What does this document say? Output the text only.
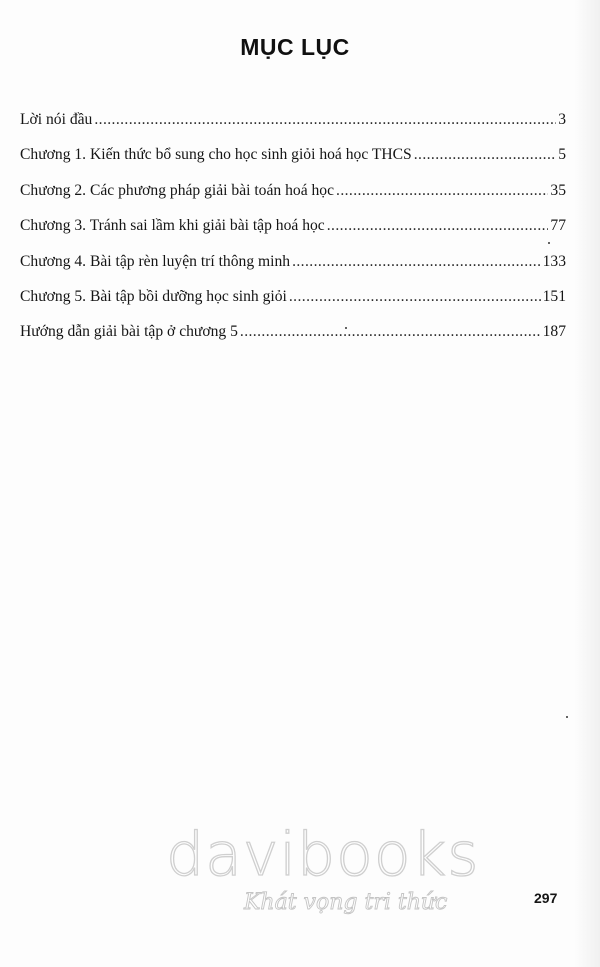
MỤC LỤC
Lời nói đầu .....	3
Chương 1. Kiến thức bổ sung cho học sinh giỏi hoá học THCS .....	5
Chương 2. Các phương pháp giải bài toán hoá học .....	35
Chương 3. Tránh sai lầm khi giải bài tập hoá học .....	77
Chương 4. Bài tập rèn luyện trí thông minh .....	133
Chương 5. Bài tập bồi dưỡng học sinh giỏi .....	151
Hướng dẫn giải bài tập ở chương 5 .....	187
davibooks
Khát vọng tri thức	297
